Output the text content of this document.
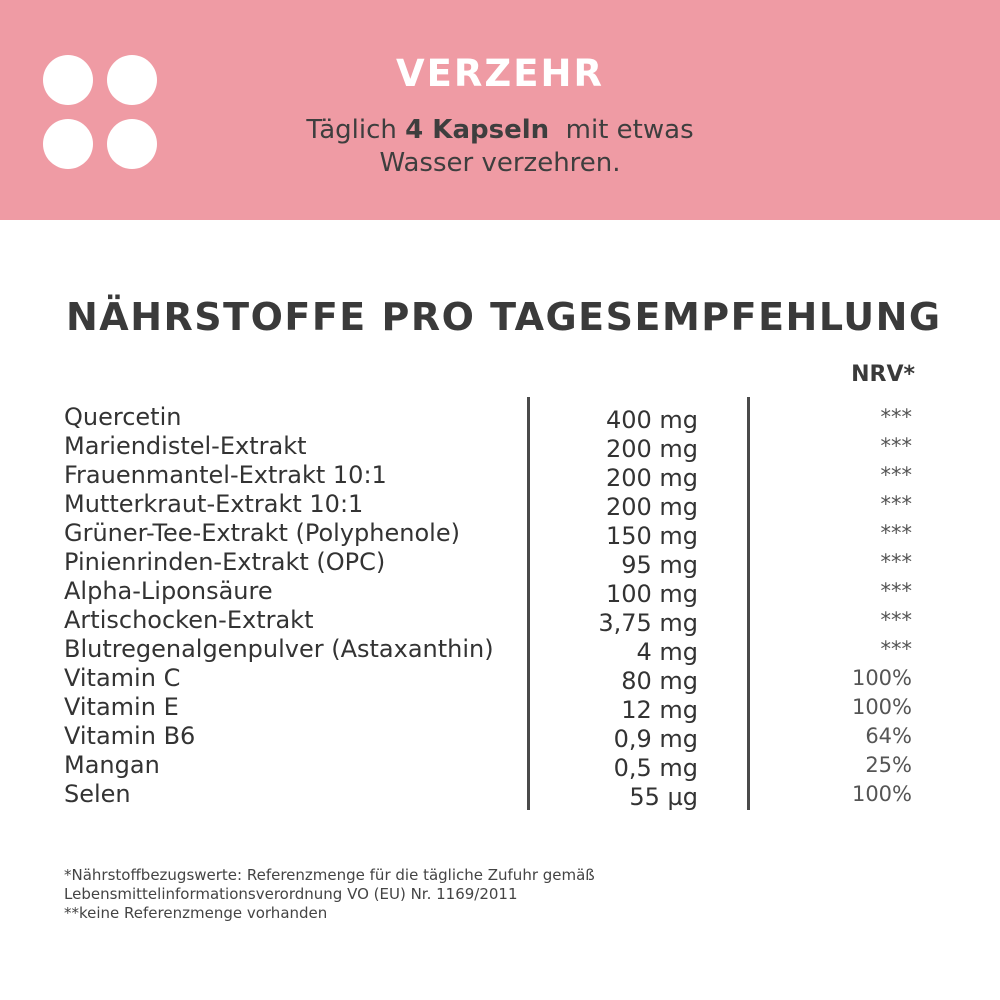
VERZEHR
Täglich 4 Kapseln  mit etwas
Wasser verzehren.
NÄHRSTOFFE PRO TAGESEMPFEHLUNG
NRV*
Quercetin	400 mg	***
Mariendistel-Extrakt	200 mg	***
Frauenmantel-Extrakt 10:1	200 mg	***
Mutterkraut-Extrakt 10:1	200 mg	***
Grüner-Tee-Extrakt (Polyphenole)	150 mg	***
Pinienrinden-Extrakt (OPC)	95 mg	***
Alpha-Liponsäure	100 mg	***
Artischocken-Extrakt	3,75 mg	***
Blutregenalgenpulver (Astaxanthin)	4 mg	***
Vitamin C	80 mg	100%
Vitamin E	12 mg	100%
Vitamin B6	0,9 mg	64%
Mangan	0,5 mg	25%
Selen	55 µg	100%
*Nährstoffbezugswerte: Referenzmenge für die tägliche Zufuhr gemäß
Lebensmittelinformationsverordnung VO (EU) Nr. 1169/2011
**keine Referenzmenge vorhanden
